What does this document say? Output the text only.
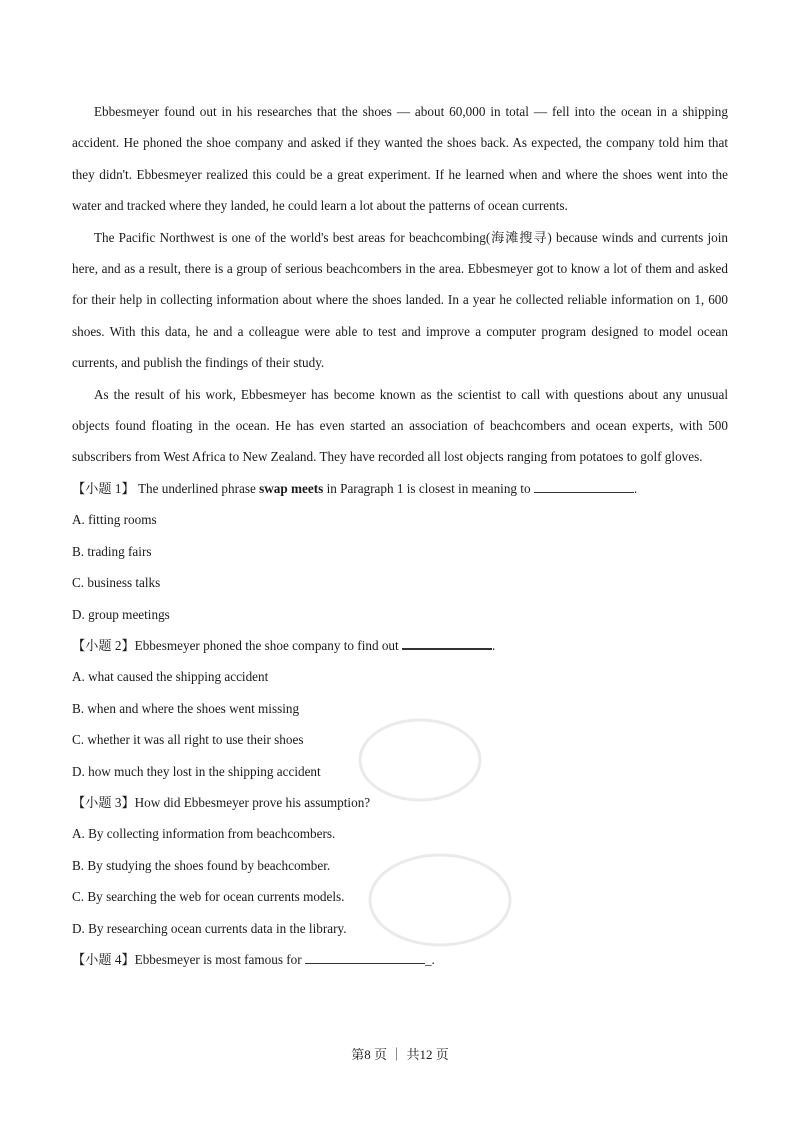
Ebbesmeyer found out in his researches that the shoes — about 60,000 in total — fell into the ocean in a shipping accident. He phoned the shoe company and asked if they wanted the shoes back. As expected, the company told him that they didn't. Ebbesmeyer realized this could be a great experiment. If he learned when and where the shoes went into the water and tracked where they landed, he could learn a lot about the patterns of ocean currents.

The Pacific Northwest is one of the world's best areas for beachcombing(海滩搜寻) because winds and currents join here, and as a result, there is a group of serious beachcombers in the area. Ebbesmeyer got to know a lot of them and asked for their help in collecting information about where the shoes landed. In a year he collected reliable information on 1, 600 shoes. With this data, he and a colleague were able to test and improve a computer program designed to model ocean currents, and publish the findings of their study.

As the result of his work, Ebbesmeyer has become known as the scientist to call with questions about any unusual objects found floating in the ocean. He has even started an association of beachcombers and ocean experts, with 500 subscribers from West Africa to New Zealand. They have recorded all lost objects ranging from potatoes to golf gloves.

【小题 1】 The underlined phrase swap meets in Paragraph 1 is closest in meaning to	.

A. fitting rooms

B. trading fairs

C. business talks

D. group meetings

【小题 2】Ebbesmeyer phoned the shoe company to find out	.

A. what caused the shipping accident

B. when and where the shoes went missing

C. whether it was all right to use their shoes

D. how much they lost in the shipping accident

【小题 3】How did Ebbesmeyer prove his assumption?

A. By collecting information from beachcombers.

B. By studying the shoes found by beachcomber.

C. By searching the web for ocean currents models.

D. By researching ocean currents data in the library.

【小题 4】Ebbesmeyer is most famous for	_.

第8 页 ｜ 共12 页
